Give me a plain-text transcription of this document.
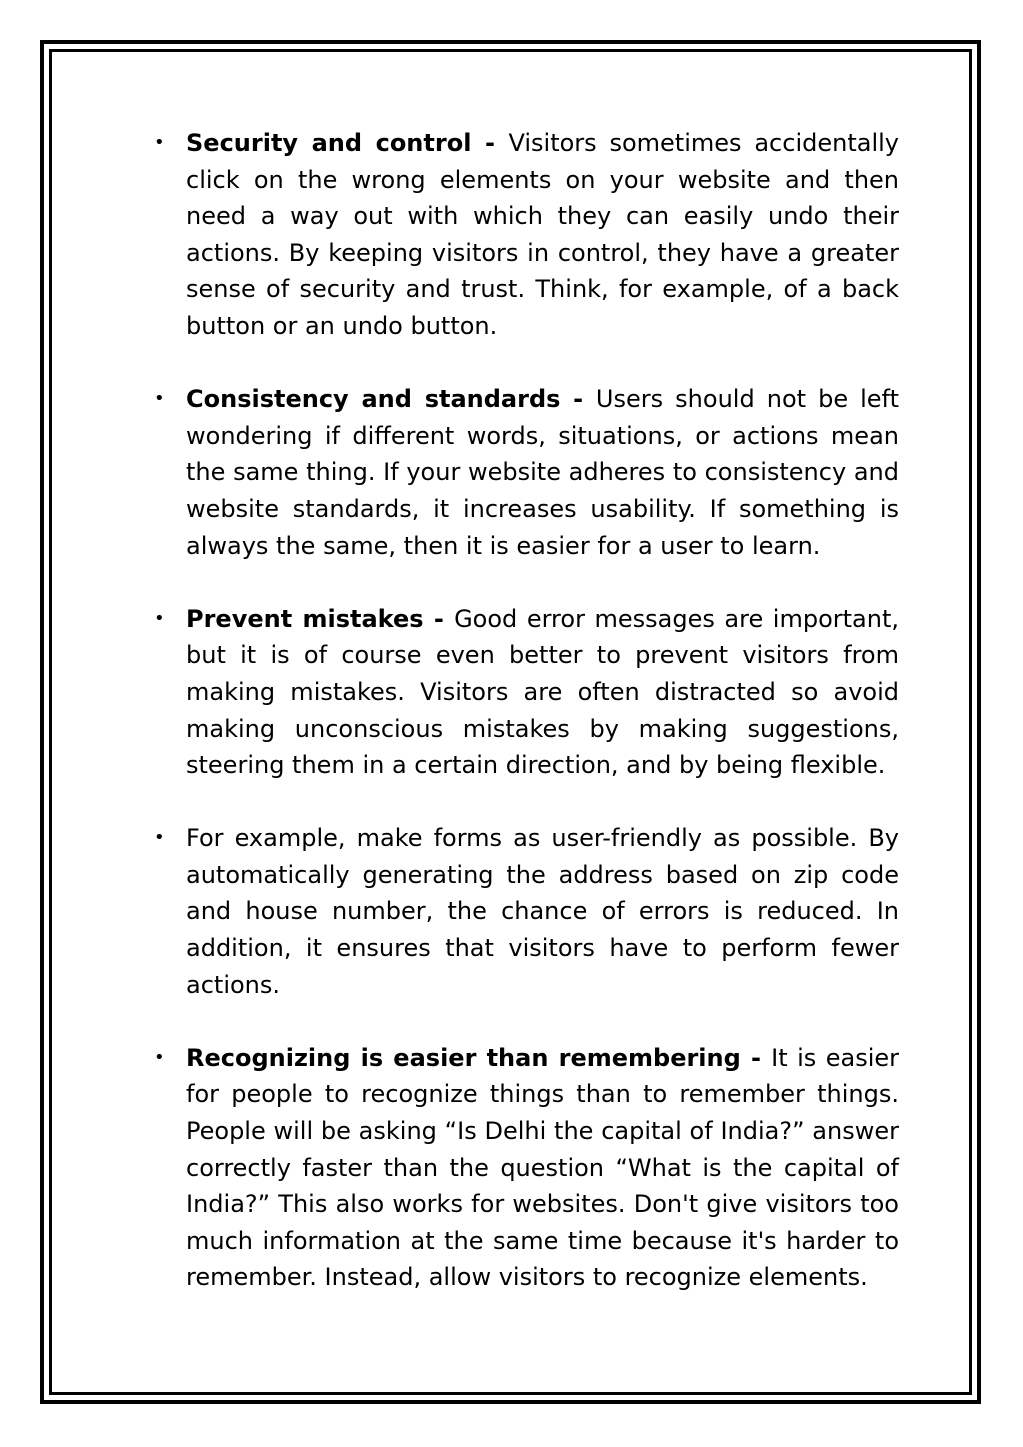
• Security and control - Visitors sometimes accidentally click on the wrong elements on your website and then need a way out with which they can easily undo their actions. By keeping visitors in control, they have a greater sense of security and trust. Think, for example, of a back button or an undo button.
• Consistency and standards - Users should not be left wondering if different words, situations, or actions mean the same thing. If your website adheres to consistency and website standards, it increases usability. If something is always the same, then it is easier for a user to learn.
• Prevent mistakes - Good error messages are important, but it is of course even better to prevent visitors from making mistakes. Visitors are often distracted so avoid making unconscious mistakes by making suggestions, steering them in a certain direction, and by being flexible.
• For example, make forms as user-friendly as possible. By automatically generating the address based on zip code and house number, the chance of errors is reduced. In addition, it ensures that visitors have to perform fewer actions.
• Recognizing is easier than remembering - It is easier for people to recognize things than to remember things. People will be asking “Is Delhi the capital of India?” answer correctly faster than the question “What is the capital of India?” This also works for websites. Don't give visitors too much information at the same time because it's harder to remember. Instead, allow visitors to recognize elements.
